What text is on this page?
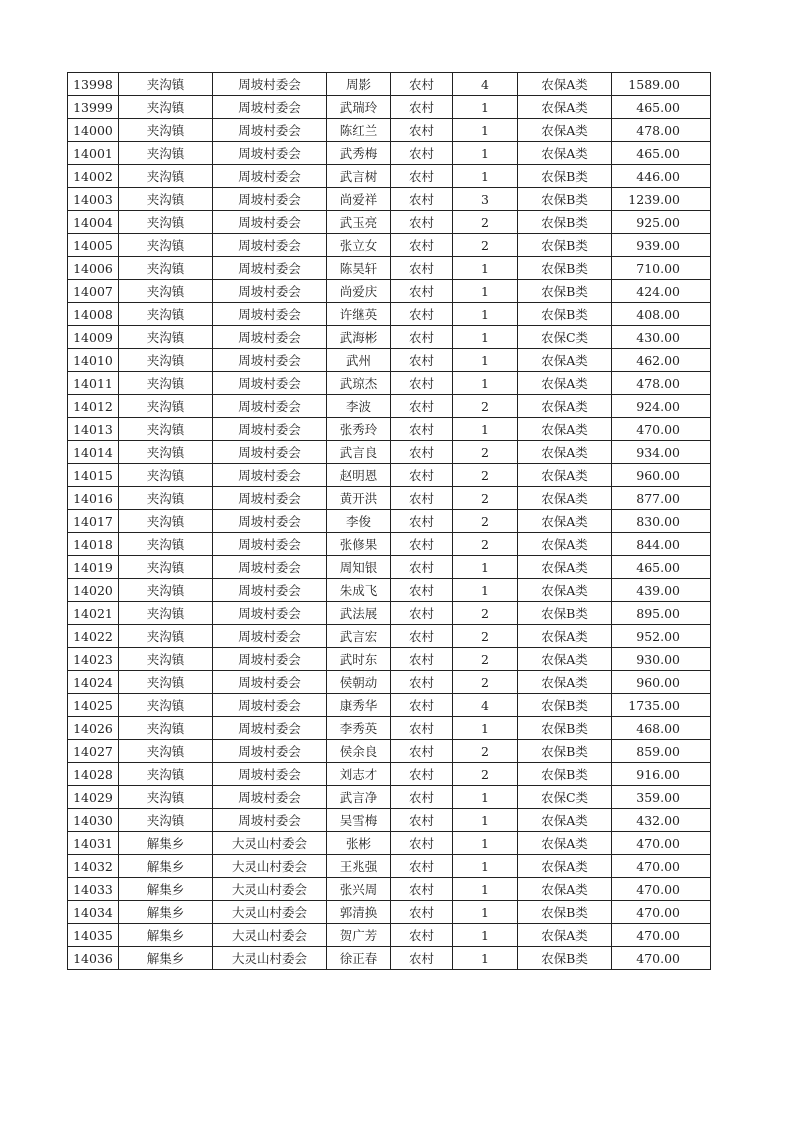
13998	夹沟镇	周坡村委会	周影	农村	4	农保A类	1589.00
13999	夹沟镇	周坡村委会	武瑞玲	农村	1	农保A类	465.00
14000	夹沟镇	周坡村委会	陈红兰	农村	1	农保A类	478.00
14001	夹沟镇	周坡村委会	武秀梅	农村	1	农保A类	465.00
14002	夹沟镇	周坡村委会	武言树	农村	1	农保B类	446.00
14003	夹沟镇	周坡村委会	尚爱祥	农村	3	农保B类	1239.00
14004	夹沟镇	周坡村委会	武玉亮	农村	2	农保B类	925.00
14005	夹沟镇	周坡村委会	张立女	农村	2	农保B类	939.00
14006	夹沟镇	周坡村委会	陈昊轩	农村	1	农保B类	710.00
14007	夹沟镇	周坡村委会	尚爱庆	农村	1	农保B类	424.00
14008	夹沟镇	周坡村委会	许继英	农村	1	农保B类	408.00
14009	夹沟镇	周坡村委会	武海彬	农村	1	农保C类	430.00
14010	夹沟镇	周坡村委会	武州	农村	1	农保A类	462.00
14011	夹沟镇	周坡村委会	武琼杰	农村	1	农保A类	478.00
14012	夹沟镇	周坡村委会	李波	农村	2	农保A类	924.00
14013	夹沟镇	周坡村委会	张秀玲	农村	1	农保A类	470.00
14014	夹沟镇	周坡村委会	武言良	农村	2	农保A类	934.00
14015	夹沟镇	周坡村委会	赵明恩	农村	2	农保A类	960.00
14016	夹沟镇	周坡村委会	黄开洪	农村	2	农保A类	877.00
14017	夹沟镇	周坡村委会	李俊	农村	2	农保A类	830.00
14018	夹沟镇	周坡村委会	张修果	农村	2	农保A类	844.00
14019	夹沟镇	周坡村委会	周知银	农村	1	农保A类	465.00
14020	夹沟镇	周坡村委会	朱成飞	农村	1	农保A类	439.00
14021	夹沟镇	周坡村委会	武法展	农村	2	农保B类	895.00
14022	夹沟镇	周坡村委会	武言宏	农村	2	农保A类	952.00
14023	夹沟镇	周坡村委会	武时东	农村	2	农保A类	930.00
14024	夹沟镇	周坡村委会	侯朝动	农村	2	农保A类	960.00
14025	夹沟镇	周坡村委会	康秀华	农村	4	农保B类	1735.00
14026	夹沟镇	周坡村委会	李秀英	农村	1	农保B类	468.00
14027	夹沟镇	周坡村委会	侯余良	农村	2	农保B类	859.00
14028	夹沟镇	周坡村委会	刘志才	农村	2	农保B类	916.00
14029	夹沟镇	周坡村委会	武言净	农村	1	农保C类	359.00
14030	夹沟镇	周坡村委会	吴雪梅	农村	1	农保A类	432.00
14031	解集乡	大灵山村委会	张彬	农村	1	农保A类	470.00
14032	解集乡	大灵山村委会	王兆强	农村	1	农保A类	470.00
14033	解集乡	大灵山村委会	张兴周	农村	1	农保A类	470.00
14034	解集乡	大灵山村委会	郭清换	农村	1	农保B类	470.00
14035	解集乡	大灵山村委会	贺广芳	农村	1	农保A类	470.00
14036	解集乡	大灵山村委会	徐正春	农村	1	农保B类	470.00
